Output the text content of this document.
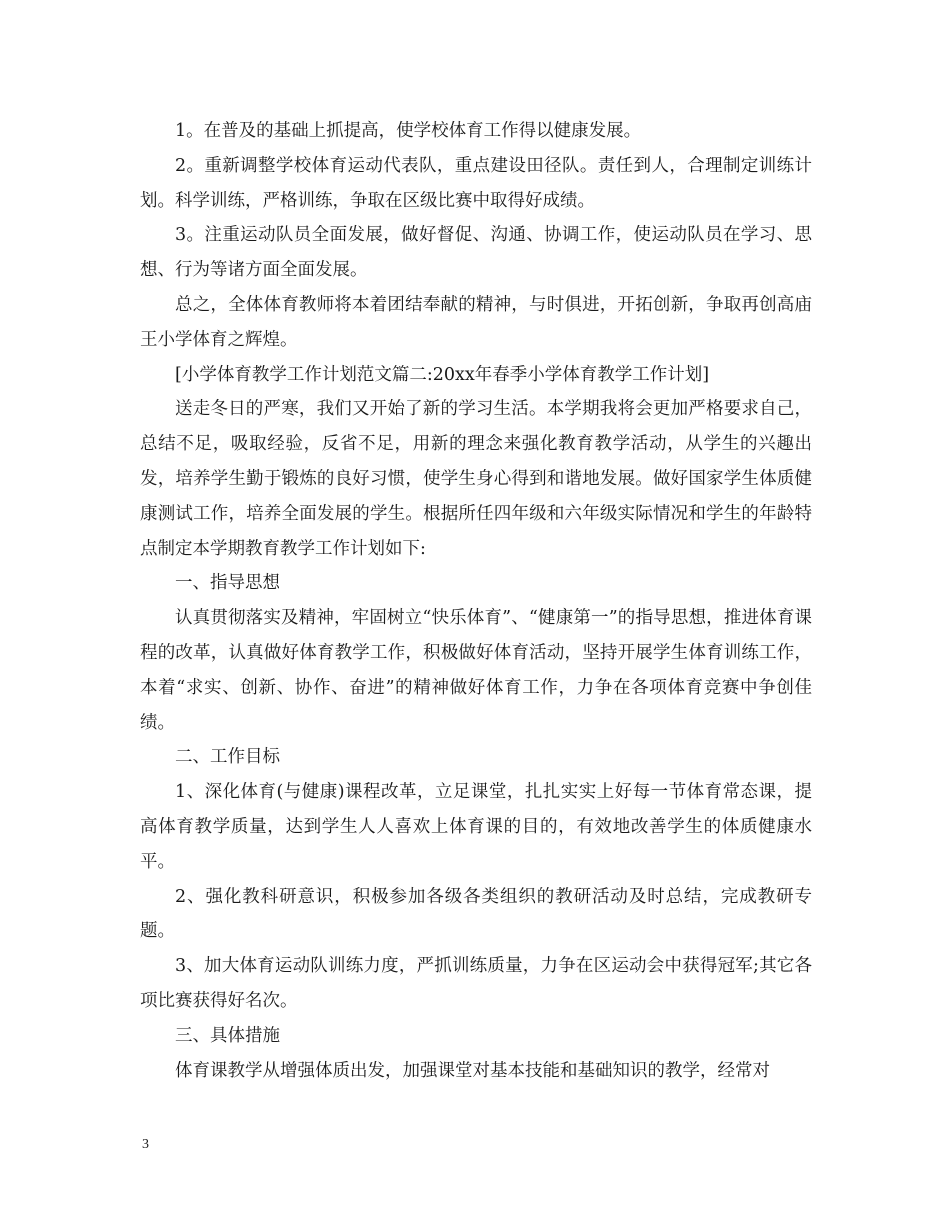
1。在普及的基础上抓提高，使学校体育工作得以健康发展。

2。重新调整学校体育运动代表队，重点建设田径队。责任到人，合理制定训练计划。科学训练，严格训练，争取在区级比赛中取得好成绩。

3。注重运动队员全面发展，做好督促、沟通、协调工作，使运动队员在学习、思想、行为等诸方面全面发展。

总之，全体体育教师将本着团结奉献的精神，与时俱进，开拓创新，争取再创高庙王小学体育之辉煌。

[小学体育教学工作计划范文篇二:20xx年春季小学体育教学工作计划]

送走冬日的严寒，我们又开始了新的学习生活。本学期我将会更加严格要求自己，总结不足，吸取经验，反省不足，用新的理念来强化教育教学活动，从学生的兴趣出发，培养学生勤于锻炼的良好习惯，使学生身心得到和谐地发展。做好国家学生体质健康测试工作，培养全面发展的学生。根据所任四年级和六年级实际情况和学生的年龄特点制定本学期教育教学工作计划如下:

一、指导思想

认真贯彻落实及精神，牢固树立“快乐体育”、“健康第一”的指导思想，推进体育课程的改革，认真做好体育教学工作，积极做好体育活动，坚持开展学生体育训练工作，本着“求实、创新、协作、奋进”的精神做好体育工作，力争在各项体育竞赛中争创佳绩。

二、工作目标

1、深化体育(与健康)课程改革，立足课堂，扎扎实实上好每一节体育常态课，提高体育教学质量，达到学生人人喜欢上体育课的目的，有效地改善学生的体质健康水平。

2、强化教科研意识，积极参加各级各类组织的教研活动及时总结，完成教研专题。

3、加大体育运动队训练力度，严抓训练质量，力争在区运动会中获得冠军;其它各项比赛获得好名次。

三、具体措施

体育课教学从增强体质出发，加强课堂对基本技能和基础知识的教学，经常对

3
